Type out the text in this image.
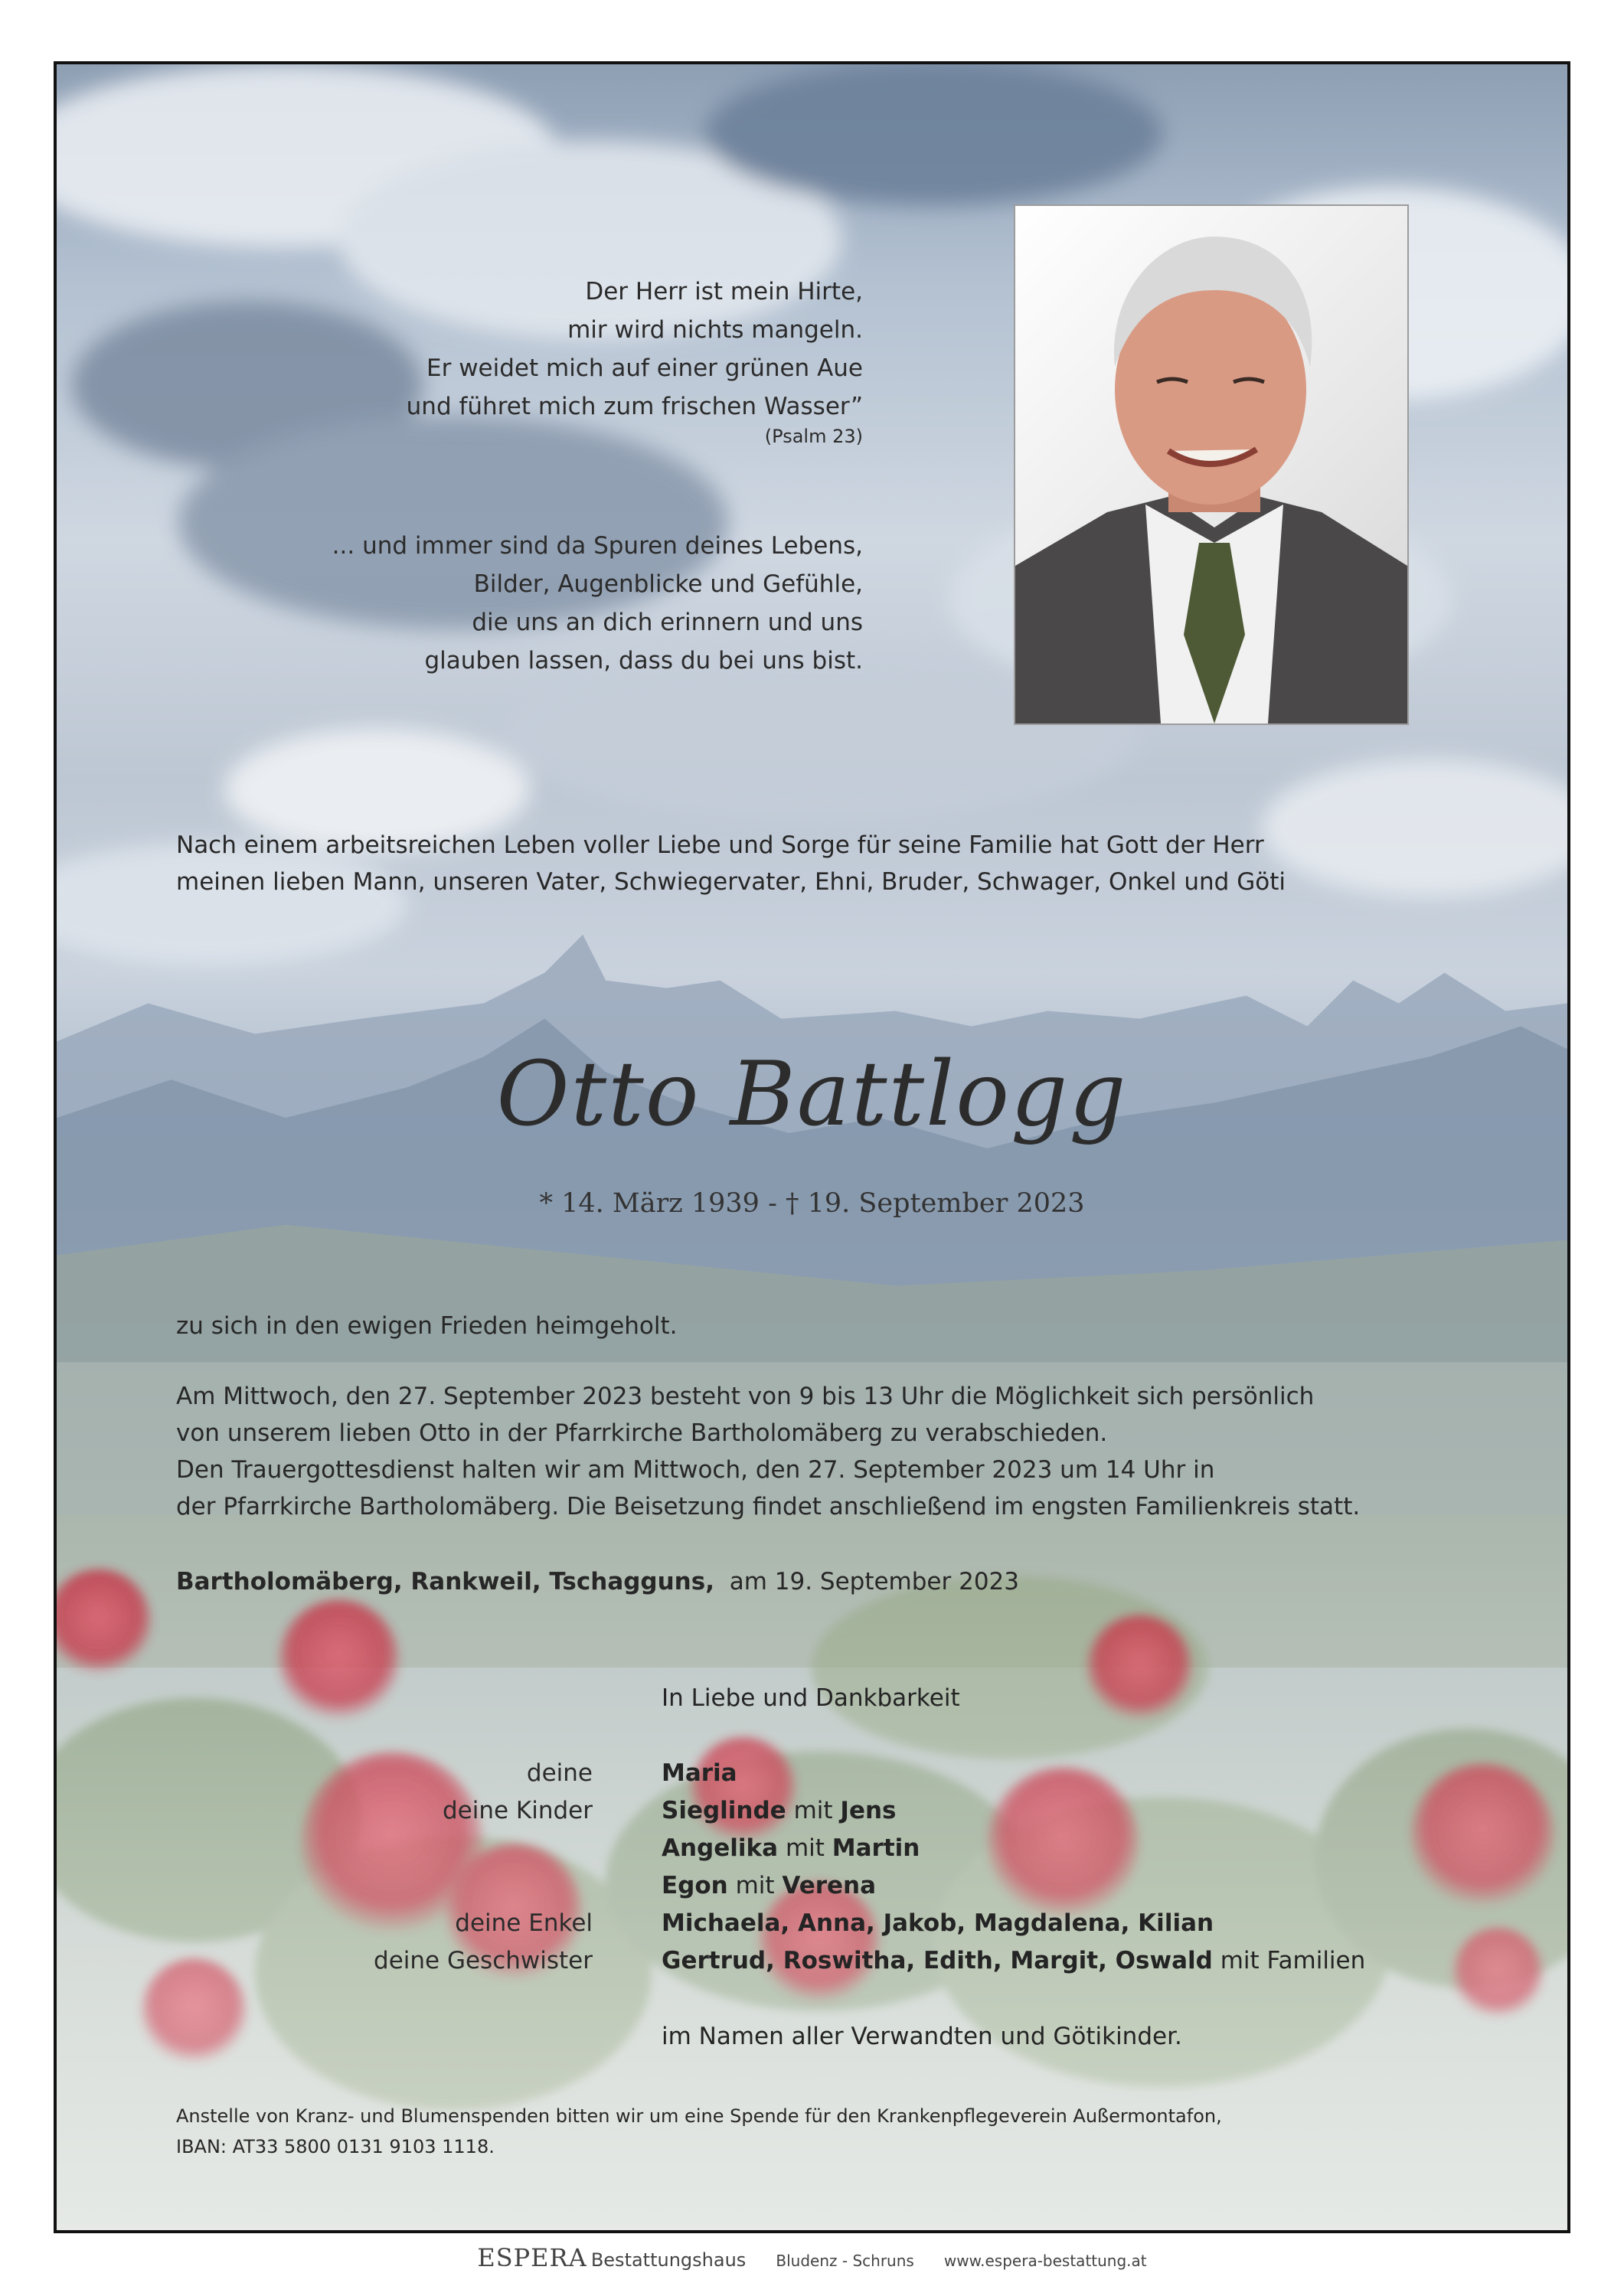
Der Herr ist mein Hirte,
mir wird nichts mangeln.
Er weidet mich auf einer grünen Aue
und führet mich zum frischen Wasser”
(Psalm 23)
... und immer sind da Spuren deines Lebens,
Bilder, Augenblicke und Gefühle,
die uns an dich erinnern und uns
glauben lassen, dass du bei uns bist.
Nach einem arbeitsreichen Leben voller Liebe und Sorge für seine Familie hat Gott der Herr
meinen lieben Mann, unseren Vater, Schwiegervater, Ehni, Bruder, Schwager, Onkel und Göti
Otto Battlogg
* 14. März 1939 - † 19. September 2023
zu sich in den ewigen Frieden heimgeholt.
Am Mittwoch, den 27. September 2023 besteht von 9 bis 13 Uhr die Möglichkeit sich persönlich
von unserem lieben Otto in der Pfarrkirche Bartholomäberg zu verabschieden.
Den Trauergottesdienst halten wir am Mittwoch, den 27. September 2023 um 14 Uhr in
der Pfarrkirche Bartholomäberg. Die Beisetzung findet anschließend im engsten Familienkreis statt.
Bartholomäberg, Rankweil, Tschagguns, am 19. September 2023
In Liebe und Dankbarkeit
deine	Maria
deine Kinder	Sieglinde mit Jens
Angelika mit Martin
Egon mit Verena
deine Enkel	Michaela, Anna, Jakob, Magdalena, Kilian
deine Geschwister	Gertrud, Roswitha, Edith, Margit, Oswald mit Familien
im Namen aller Verwandten und Götikinder.
Anstelle von Kranz- und Blumenspenden bitten wir um eine Spende für den Krankenpflegeverein Außermontafon,
IBAN: AT33 5800 0131 9103 1118.
ESPERA Bestattungshaus Bludenz - Schruns www.espera-bestattung.at
